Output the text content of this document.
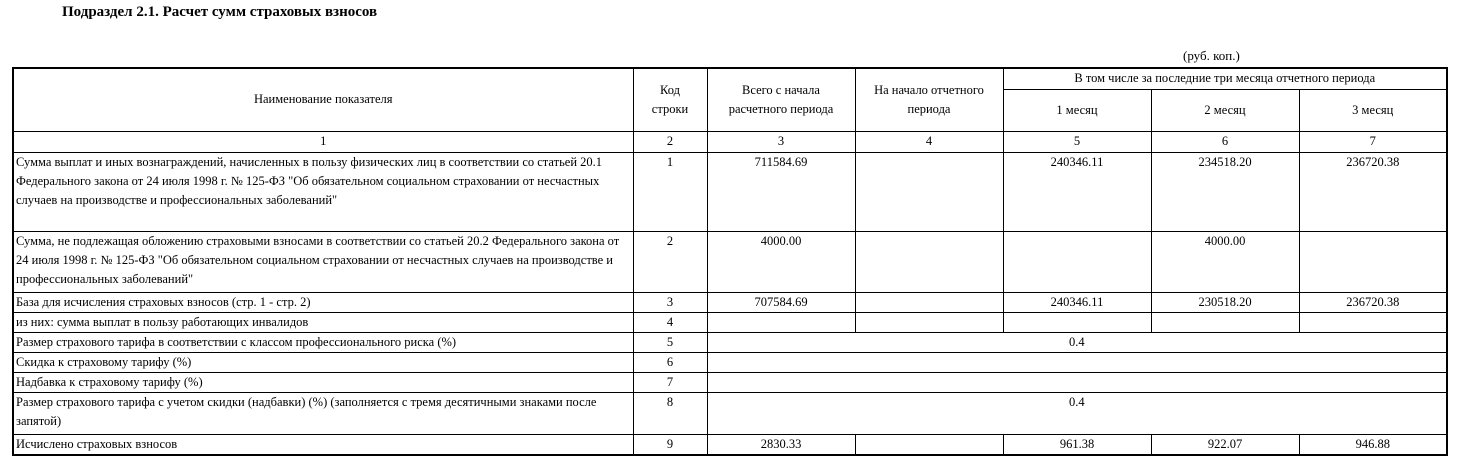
Подраздел 2.1. Расчет сумм страховых взносов
(руб. коп.)
Наименование показателя	Код строки	Всего с начала расчетного периода	На начало отчетного периода	В том числе за последние три месяца отчетного периода		
				1 месяц	2 месяц	3 месяц
1	2	3	4	5	6	7
Сумма выплат и иных вознаграждений, начисленных в пользу физических лиц в соответствии со статьей 20.1 Федерального закона от 24 июля 1998 г. № 125-ФЗ "Об обязательном социальном страховании от несчастных случаев на производстве и профессиональных заболеваний"	1	711584.69		240346.11	234518.20	236720.38
Сумма, не подлежащая обложению страховыми взносами в соответствии со статьей 20.2 Федерального закона от 24 июля 1998 г. № 125-ФЗ "Об обязательном социальном страховании от несчастных случаев на производстве и профессиональных заболеваний"	2	4000.00			4000.00	
База для исчисления страховых взносов (стр. 1 - стр. 2)	3	707584.69		240346.11	230518.20	236720.38
из них: сумма выплат в пользу работающих инвалидов	4					
Размер страхового тарифа в соответствии с классом профессионального риска (%)	5	0.4				
Скидка к страховому тарифу (%)	6					
Надбавка к страховому тарифу (%)	7					
Размер страхового тарифа с учетом скидки (надбавки) (%) (заполняется с тремя десятичными знаками после запятой)	8	0.4				
Исчислено страховых взносов	9	2830.33		961.38	922.07	946.88
